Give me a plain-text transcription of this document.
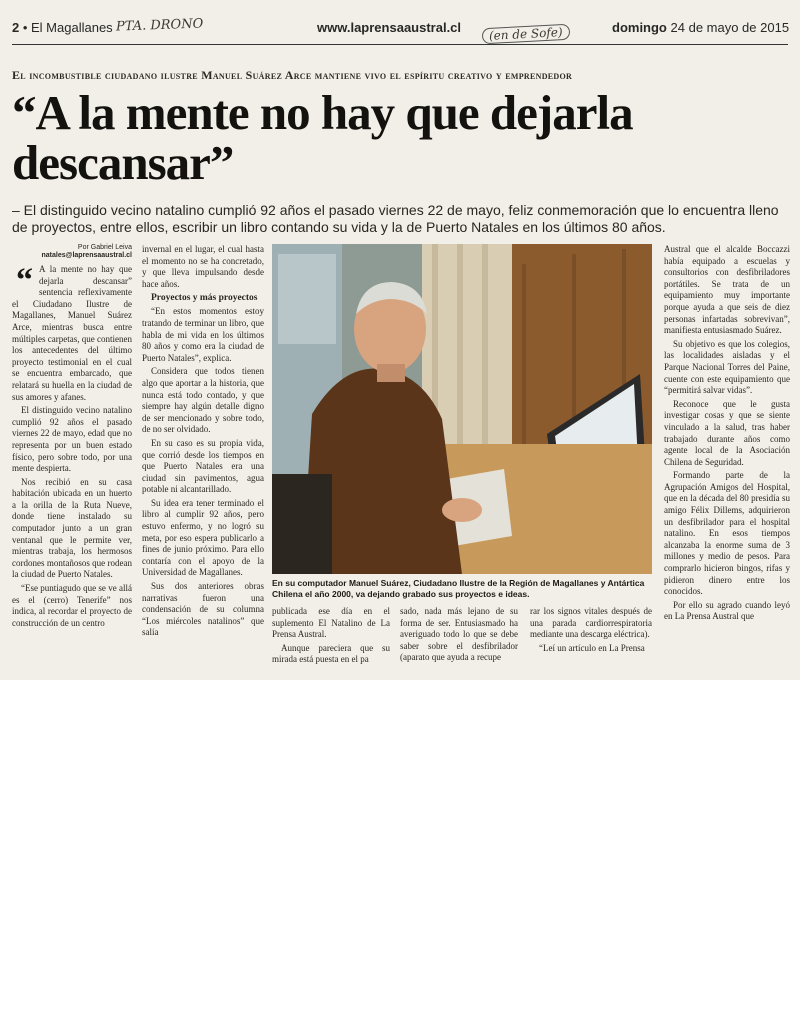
2 • El Magallanes PTA. DRONO	www.laprensaaustral.cl	(en de Sofe)	domingo 24 de mayo de 2015
El incombustible ciudadano ilustre Manuel Suárez Arce mantiene vivo el espíritu creativo y emprendedor
“A la mente no hay que dejarla descansar”
– El distinguido vecino natalino cumplió 92 años el pasado viernes 22 de mayo, feliz conmemoración que lo encuentra lleno de proyectos, entre ellos, escribir un libro contando su vida y la de Puerto Natales en los últimos 80 años.
Por Gabriel Leiva
natales@laprensaaustral.cl
“ A la mente no hay que dejarla descansar” sentencia reflexivamente el Ciudadano Ilustre de Magallanes, Manuel Suárez Arce, mientras busca entre múltiples carpetas, que contienen los antecedentes del último proyecto testimonial en el cual se encuentra embarcado, que relatará su huella en la ciudad de sus amores y afanes.

El distinguido vecino natalino cumplió 92 años el pasado viernes 22 de mayo, edad que no representa por un buen estado físico, pero sobre todo, por una mente despierta.

Nos recibió en su casa habitación ubicada en un huerto a la orilla de la Ruta Nueve, donde tiene instalado su computador junto a un gran ventanal que le permite ver, mientras trabaja, los hermosos cordones montañosos que rodean la ciudad de Puerto Natales.

“Ese puntiagudo que se ve allá es el (cerro) Tenerife” nos indica, al recordar el proyecto de construcción de un centro

invernal en el lugar, el cual hasta el momento no se ha concretado, y que lleva impulsando desde hace años.

Proyectos y más proyectos

“En estos momentos estoy tratando de terminar un libro, que habla de mi vida en los últimos 80 años y como era la ciudad de Puerto Natales”, explica.

Considera que todos tienen algo que aportar a la historia, que nunca está todo contado, y que siempre hay algún detalle digno de ser mencionado y sobre todo, de no ser olvidado.

En su caso es su propia vida, que corrió desde los tiempos en que Puerto Natales era una ciudad sin pavimentos, agua potable ni alcantarillado.

Su idea era tener terminado el libro al cumplir 92 años, pero estuvo enfermo, y no logró su meta, por eso espera publicarlo a fines de junio próximo. Para ello contaría con el apoyo de la Universidad de Magallanes.

Sus dos anteriores obras narrativas fueron una condensación de su columna “Los miércoles natalinos” que salía

En su computador Manuel Suárez, Ciudadano Ilustre de la Región de Magallanes y Antártica Chilena el año 2000, va dejando grabado sus proyectos e ideas.

publicada ese día en el suplemento El Natalino de La Prensa Austral.

Aunque pareciera que su mirada está puesta en el pa

sado, nada más lejano de su forma de ser. Entusiasmado ha averiguado todo lo que se debe saber sobre el desfibrilador (aparato que ayuda a recupe

rar los signos vitales después de una parada cardiorrespiratoria mediante una descarga eléctrica).

“Leí un artículo en La Prensa

Austral que el alcalde Boccazzi había equipado a escuelas y consultorios con desfibriladores portátiles. Se trata de un equipamiento muy importante porque ayuda a que seis de diez personas infartadas sobrevivan”, manifiesta entusiasmado Suárez.

Su objetivo es que los colegios, las localidades aisladas y el Parque Nacional Torres del Paine, cuente con este equipamiento que “permitirá salvar vidas”.

Reconoce que le gusta investigar cosas y que se siente vinculado a la salud, tras haber trabajado durante años como agente local de la Asociación Chilena de Seguridad.

Formando parte de la Agrupación Amigos del Hospital, que en la década del 80 presidía su amigo Félix Dillems, adquirieron un desfibrilador para el hospital natalino. En esos tiempos alcanzaba la enorme suma de 3 millones y medio de pesos. Para comprarlo hicieron bingos, rifas y pidieron dinero entre los conocidos.

Por ello su agrado cuando leyó en La Prensa Austral que
